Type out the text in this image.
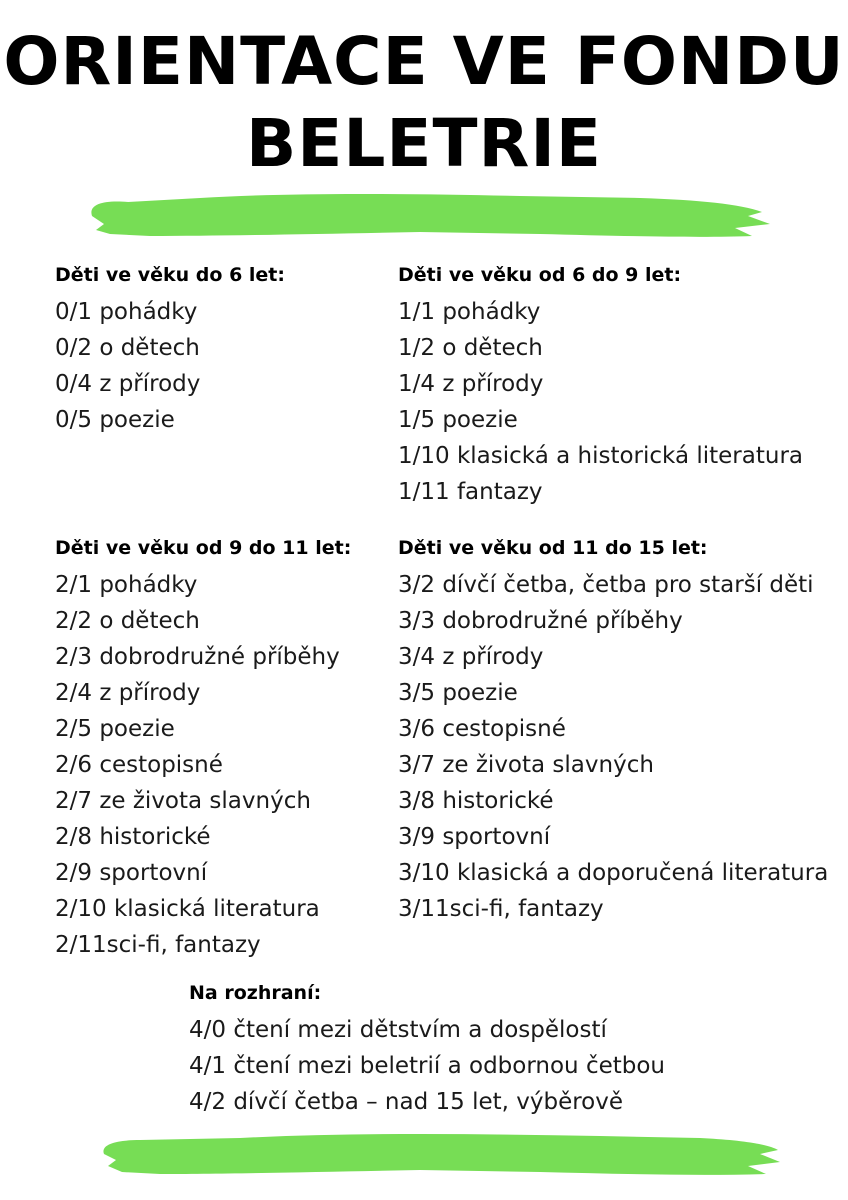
ORIENTACE VE FONDU
BELETRIE
Děti ve věku do 6 let:
0/1 pohádky
0/2 o dětech
0/4 z přírody
0/5 poezie
Děti ve věku od 6 do 9 let:
1/1 pohádky
1/2 o dětech
1/4 z přírody
1/5 poezie
1/10 klasická a historická literatura
1/11 fantazy
Děti ve věku od 9 do 11 let:
2/1 pohádky
2/2 o dětech
2/3 dobrodružné příběhy
2/4 z přírody
2/5 poezie
2/6 cestopisné
2/7 ze života slavných
2/8 historické
2/9 sportovní
2/10 klasická literatura
2/11sci-fi, fantazy
Děti ve věku od 11 do 15 let:
3/2 dívčí četba, četba pro starší děti
3/3 dobrodružné příběhy
3/4 z přírody
3/5 poezie
3/6 cestopisné
3/7 ze života slavných
3/8 historické
3/9 sportovní
3/10 klasická a doporučená literatura
3/11sci-fi, fantazy
Na rozhraní:
4/0 čtení mezi dětstvím a dospělostí
4/1 čtení mezi beletrií a odbornou četbou
4/2 dívčí četba – nad 15 let, výběrově
